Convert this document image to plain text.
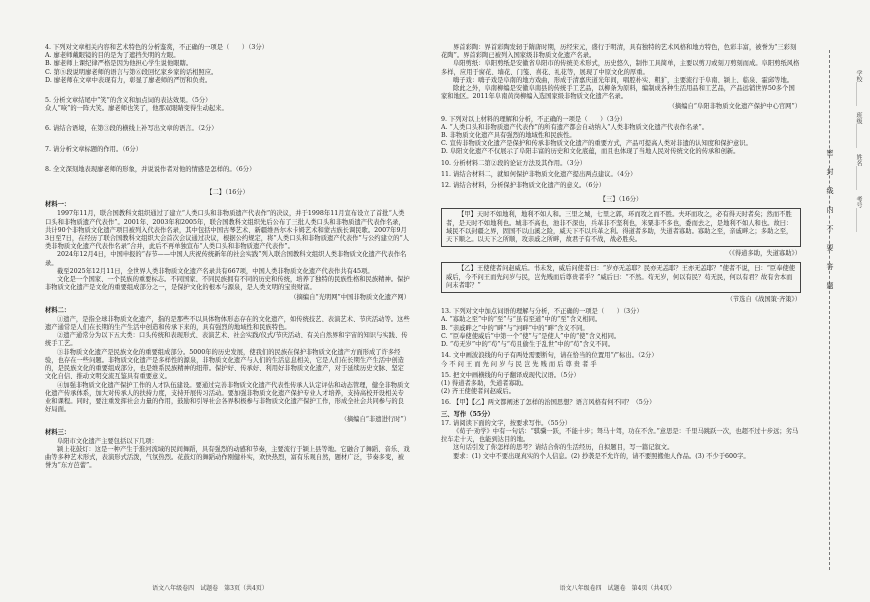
4. 下列对文章相关内容和艺术特色的分析鉴赏，不正确的一项是（　　）（3分）

A. 廖老师戴眼镜的目的是为了遮挡失明的左眼。

B. 廖老师上课纪律严格是因为他担心学生说他眼瞎。

C. 第⑤段说明廖老师的语言与第⑥段回忆家乡家的话相照应。

D. 廖老师在文章中表现有力，彰显了廖老师的严厉和负责。

5. 分析文章结尾中“笑”的含义和加点词的表达效果。（5分）

众人“咴”的一阵大笑。廖老师也笑了，他那双眼睛变得生动起来。

6. 请结合语境，在第③段的横线上补写出文章的语言。（2分）

7. 请分析文章标题的作用。（6分）

8. 全文深刻地表现廖老师的形象，并说说作者对他的情感是怎样的。（6分）

【二】（16分）
材料一：

1997年11月，联合国教科文组织通过了建立“人类口头和非物质遗产代表作”的决议，并于1998年11月宣布设立了首批“人类口头和非物质遗产代表作”。2001年、2003年和2005年，联合国教科文组织先后公布了三批人类口头和非物质遗产代表作名录，共计90个非物质文化遗产项目被列入代表作名录，其中包括中国古琴艺术、新疆维吾尔木卡姆艺术和蒙古族长调民歌。2007年9月3日至7日，在经历了联合国教科文组织大会首次会议通过决议，根据公约规定，将“人类口头和非物质遗产代表作”与公约建立的“人类非物质文化遗产代表作名录”合并，此后不再单独宣布“人类口头和非物质遗产代表作”。

2024年12月4日，中国申报的“春节——中国人庆祝传统新年的社会实践”列入联合国教科文组织人类非物质文化遗产代表作名录。

截至2025年12月11日，全世界人类非物质文化遗产名录共有667项，中国人类非物质文化遗产代表作共有45项。

文化是一个国家、一个民族的重要标志。不同国家、不同民族拥有不同的历史和传统，培养了独特的民族性格和民族精神。保护非物质文化遗产是文化的重要组成部分之一，是保护文化的根本与源泉，是人类文明的宝贵财富。

（摘编自“光明网”中国非物质文化遗产网）
材料二：

①遗产，是指全球非物质文化遗产，指的是那些不以具体物体形态存在的文化遗产，如传统技艺、表演艺术、节庆活动等。这些遗产通常是人们在长期的生产生活中创造和传承下来的，具有强烈的地域性和民族特色。

②遗产通常分为以下五大类：口头传统和表现形式、表演艺术、社会实践/仪式/节庆活动、有关自然界和宇宙的知识与实践、传统手工艺。

③非物质文化遗产是民族文化的重要组成部分。5000年的历史发展，使我们的民族在保护非物质文化遗产方面形成了许多经验，也存在一些问题。非物质文化遗产是多样性的源泉，非物质文化遗产与人们的生活息息相关，它是人们在长期生产生活中创造的，是民族文化的重要组成部分，也是维系民族精神的纽带。保护好、传承好、利用好非物质文化遗产，对于延续历史文脉、坚定文化自信、推动文明交流互鉴具有重要意义。

④加强非物质文化遗产保护工作的人才队伍建设。要通过完善非物质文化遗产代表性传承人认定评估和动态管理，健全非物质文化遗产传承体系，加大对传承人的扶持力度，支持开展传习活动。要加强非物质文化遗产保护专业人才培养，支持高校开设相关专业和课程。同时，要注重发挥社会力量的作用，鼓励和引导社会各界积极参与非物质文化遗产保护工作，形成全社会共同参与的良好局面。

（摘编自“非遗进行时”）
材料三：

阜阳市文化遗产主要包括以下几项：

颍上花鼓灯：这是一种产生于淮河流域的民间舞蹈，具有强烈的动感和节奏，主要流行于颍上县等地。它融合了舞蹈、音乐、戏曲等多种艺术形式，表演形式活泼，气氛热烈。花鼓灯的舞蹈动作刚健朴实，欢快热烈，富有乐观自然，题材广泛，节奏多变，被誉为“东方芭蕾”。

语文八年级卷四　试题卷　第3页（共4页）

界首彩陶：界首彩陶发轫于隋唐时期，历经宋元，盛行于明清，具有独特的艺术风格和地方特色，色彩丰富，被誉为“三彩刻花陶”。界首彩陶已被列入国家级非物质文化遗产名录。

阜阳剪纸：阜阳剪纸是安徽省阜阳市的传统美术形式，历史悠久，制作工具简单，主要以剪刀或刻刀剪刻而成。阜阳剪纸风格多样，应用于窗花、墙花、门笺、喜花、礼花等，展现了中原文化的厚重。

嗨子戏：嗨子戏是阜南的地方戏曲，形成于清嘉庆道光年间，唱腔朴实、粗犷，主要流行于阜南、颍上、临泉、霍邱等地。

除此之外，阜南柳编是安徽阜南县的传统手工艺品，以柳条为原料，编制成各种生活用品和工艺品，产品远销世界50多个国家和地区。2011年阜南黄岗柳编入选国家级非物质文化遗产名录。

（摘编自“阜阳非物质文化遗产保护中心官网”）

9. 下列对以上材料的理解和分析，不正确的一项是（　　）（3分）

A. “人类口头和非物质遗产代表作”的所有遗产都会自动纳入“人类非物质文化遗产代表作名录”。

B. 非物质文化遗产具有强烈的地域性和民族性。

C. 宣传非物质文化遗产是保护和传承非物质文化遗产的重要方式，产品可提高人类对非遗的认知度和保护意识。

D. 阜阳文化遗产不仅展示了阜阳丰富的历史和文化底蕴，而且也体现了当地人民对传统文化的传承和创新。

10. 分析材料二第②段的论证方法及其作用。（3分）

11. 请结合材料二，就如何保护非物质文化遗产提出两点建议。（4分）

12. 请结合材料，分析保护非物质文化遗产的意义。（6分）

【三】（16分）

【甲】天时不如地利，地利不如人和。三里之城，七里之郭，环而攻之而不胜。夫环而攻之，必有得天时者矣；然而不胜者，是天时不如地利也。城非不高也，池非不深也，兵革非不坚利也，米粟非不多也，委而去之，是地利不如人和也。故曰：域民不以封疆之界，固国不以山溪之险，威天下不以兵革之利。得道者多助，失道者寡助。寡助之至，亲戚畔之；多助之至，天下顺之。以天下之所顺，攻亲戚之所畔，故君子有不战，战必胜矣。

（《得道多助，失道寡助》）

【乙】王使使者问赵威后。书未发，威后问使者曰：“岁亦无恙耶？民亦无恙耶？王亦无恙耶？”使者不说，曰：“臣奉使使威后，今不问王而先问岁与民，岂先贱而后尊贵者乎？”威后曰：“不然。苟无岁，何以有民？苟无民，何以有君？故有舍本而问末者耶？”

（节选自《战国策·齐策》）

13. 下列对文中加点词语的理解与分析，不正确的一项是（　　）（3分）

A. “寡助之至”中的“至”与“虽有至道”中的“至”含义相同。

B. “亲戚畔之”中的“畔”与“河畔”中的“畔”含义不同。

C. “臣奉使使威后”中第一个“使”与“是使人”中的“使”含义相同。

D. “苟无岁”中的“苟”与“苟且偷生于乱世”中的“苟”含义不同。

14. 文中画波浪线的句子有两处需要断句，请在恰当的位置用“/”标出。（2分）

今 不 问 王 而 先 问 岁 与 民 岂 先 贱 而 后 尊 贵 者 乎

15. 把文中画横线的句子翻译成现代汉语。（5分）

(1) 得道者多助，失道者寡助。

(2) 齐王使使者问赵威后。

16. 【甲】【乙】两文都阐述了怎样的治国思想？语言风格有何不同？（5分）

三、写作（55分）

17. 请阅读下面的文字，按要求写作。（55分）

《荀子·劝学》中有一句话：“骐骥一跃，不能十步；驽马十驾，功在不舍。”意思是：千里马跳跃一次，也超不过十步远；劣马拉车走十天，也能到达目的地。

这句话引发了你怎样的思考？请结合你的生活经历，自拟题目，写一篇记叙文。

要求：(1) 文中不要出现真实的个人信息。(2) 抄袭是不允许的，请不要照搬他人作品。(3) 不少于600字。

语文八年级卷四　试题卷　第4页（共4页）
密
封
线
内
不
要
答
题
学校＿＿＿＿　班级＿＿＿＿　姓名＿＿＿＿　考号＿＿＿＿
